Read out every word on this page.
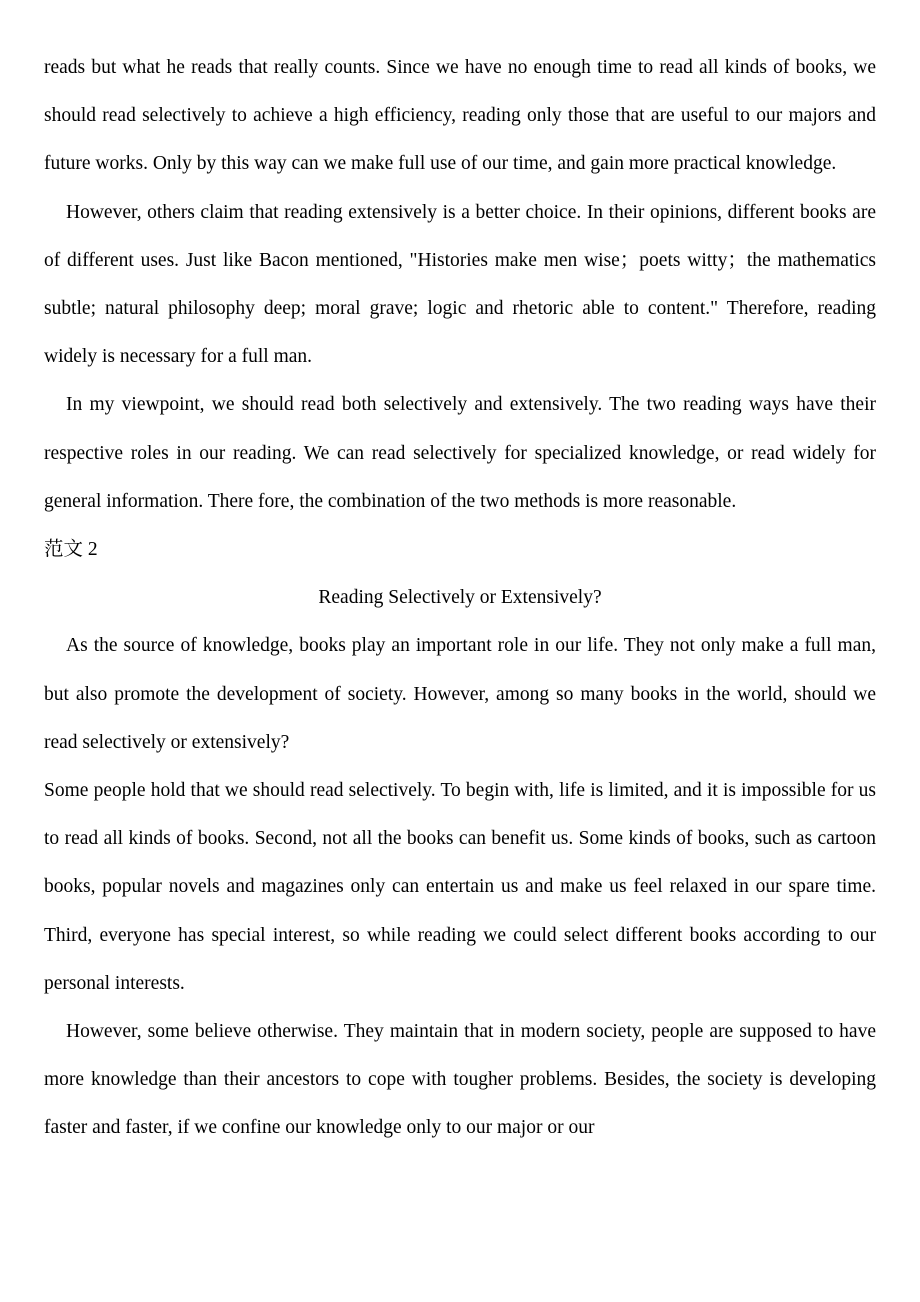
reads but what he reads that really counts. Since we have no enough time to read all kinds of books, we should read selectively to achieve a high efficiency, reading only those that are useful to our majors and future works. Only by this way can we make full use of our time, and gain more practical knowledge.

However, others claim that reading extensively is a better choice. In their opinions, different books are of different uses. Just like Bacon mentioned, "Histories make men wise；poets witty；the mathematics subtle; natural philosophy deep; moral grave; logic and rhetoric able to content." Therefore, reading widely is necessary for a full man.

In my viewpoint, we should read both selectively and extensively. The two reading ways have their respective roles in our reading. We can read selectively for specialized knowledge, or read widely for general information. There fore, the combination of the two methods is more reasonable.

范文 2

Reading Selectively or Extensively?

As the source of knowledge, books play an important role in our life. They not only make a full man, but also promote the development of society. However, among so many books in the world, should we read selectively or extensively?

Some people hold that we should read selectively. To begin with, life is limited, and it is impossible for us to read all kinds of books. Second, not all the books can benefit us. Some kinds of books, such as cartoon books, popular novels and magazines only can entertain us and make us feel relaxed in our spare time. Third, everyone has special interest, so while reading we could select different books according to our personal interests.

However, some believe otherwise. They maintain that in modern society, people are supposed to have more knowledge than their ancestors to cope with tougher problems. Besides, the society is developing faster and faster, if we confine our knowledge only to our major or our
